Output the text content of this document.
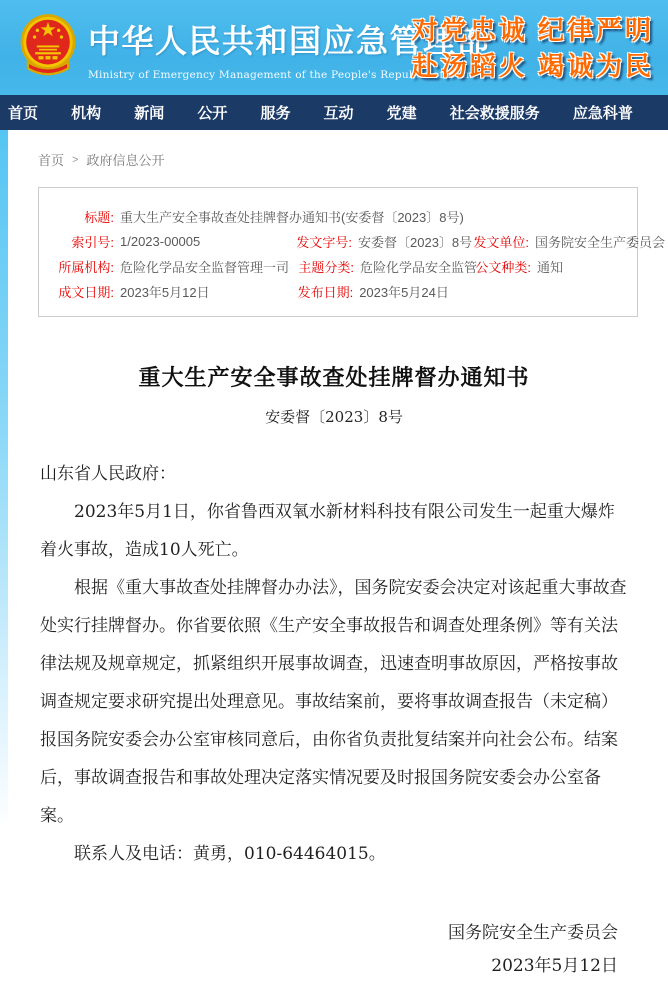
中华人民共和国应急管理部
Ministry of Emergency Management of the People's Republic of China
对党忠诚 纪律严明
赴汤蹈火 竭诚为民
首页 机构 新闻 公开 服务 互动 党建 社会救援服务 应急科普
首页 > 政府信息公开
标题: 重大生产安全事故查处挂牌督办通知书(安委督〔2023〕8号)
索引号: 1/2023-00005	发文字号: 安委督〔2023〕8号 发文单位: 国务院安全生产委员会
所属机构: 危险化学品安全监督管理一司 主题分类: 危险化学品安全监管
公文种类: 通知
成文日期: 2023年5月12日	发布日期: 2023年5月24日
重大生产安全事故查处挂牌督办通知书
安委督〔2023〕8号
山东省人民政府：
2023年5月1日，你省鲁西双氧水新材料科技有限公司发生一起重大爆炸着火事故，造成10人死亡。
根据《重大事故查处挂牌督办办法》，国务院安委会决定对该起重大事故查处实行挂牌督办。你省要依照《生产安全事故报告和调查处理条例》等有关法律法规及规章规定，抓紧组织开展事故调查，迅速查明事故原因，严格按事故调查规定要求研究提出处理意见。事故结案前，要将事故调查报告（未定稿）报国务院安委会办公室审核同意后，由你省负责批复结案并向社会公布。结案后，事故调查报告和事故处理决定落实情况要及时报国务院安委会办公室备案。
联系人及电话：黄勇，010-64464015。
国务院安全生产委员会
2023年5月12日
